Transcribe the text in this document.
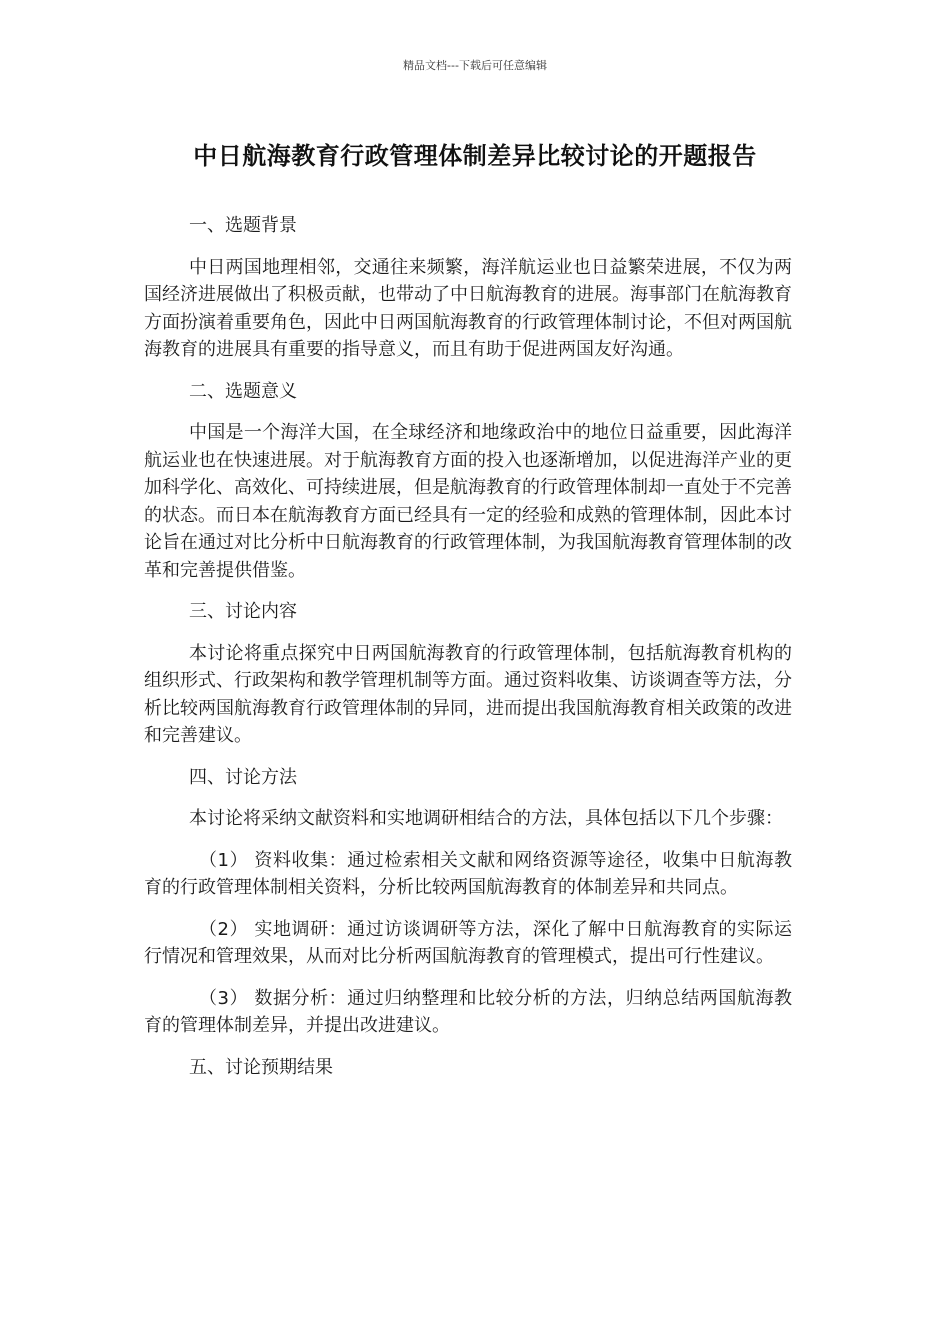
精品文档---下载后可任意编辑
中日航海教育行政管理体制差异比较讨论的开题报告

一、选题背景

中日两国地理相邻，交通往来频繁，海洋航运业也日益繁荣进展，不仅为两国经济进展做出了积极贡献，也带动了中日航海教育的进展。海事部门在航海教育方面扮演着重要角色，因此中日两国航海教育的行政管理体制讨论，不但对两国航海教育的进展具有重要的指导意义，而且有助于促进两国友好沟通。

二、选题意义

中国是一个海洋大国，在全球经济和地缘政治中的地位日益重要，因此海洋航运业也在快速进展。对于航海教育方面的投入也逐渐增加，以促进海洋产业的更加科学化、高效化、可持续进展，但是航海教育的行政管理体制却一直处于不完善的状态。而日本在航海教育方面已经具有一定的经验和成熟的管理体制，因此本讨论旨在通过对比分析中日航海教育的行政管理体制，为我国航海教育管理体制的改革和完善提供借鉴。

三、讨论内容

本讨论将重点探究中日两国航海教育的行政管理体制，包括航海教育机构的组织形式、行政架构和教学管理机制等方面。通过资料收集、访谈调查等方法，分析比较两国航海教育行政管理体制的异同，进而提出我国航海教育相关政策的改进和完善建议。

四、讨论方法

本讨论将采纳文献资料和实地调研相结合的方法，具体包括以下几个步骤：

（1） 资料收集：通过检索相关文献和网络资源等途径，收集中日航海教育的行政管理体制相关资料，分析比较两国航海教育的体制差异和共同点。

（2） 实地调研：通过访谈调研等方法，深化了解中日航海教育的实际运行情况和管理效果，从而对比分析两国航海教育的管理模式，提出可行性建议。

（3） 数据分析：通过归纳整理和比较分析的方法，归纳总结两国航海教育的管理体制差异，并提出改进建议。

五、讨论预期结果
